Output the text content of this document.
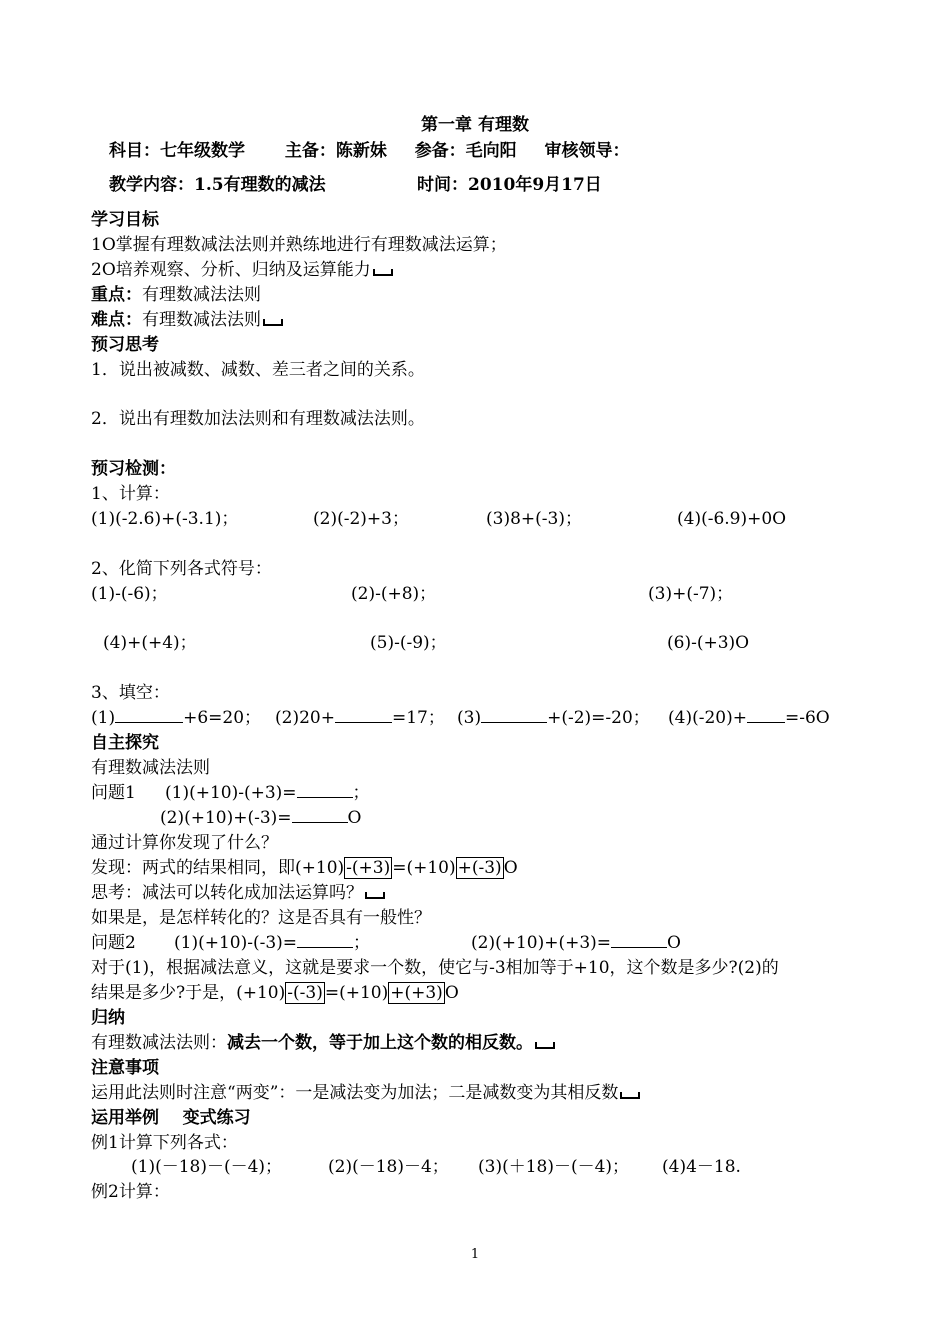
第一章 有理数
科目：七年级数学 主备：陈新妹 参备：毛向阳 审核领导：
教学内容：1.5有理数的减法	时间：2010年9月17日
学习目标
1O掌握有理数减法法则并熟练地进行有理数减法运算；
2O培养观察、分析、归纳及运算能力
重点：有理数减法法则
难点：有理数减法法则
预习思考
1．说出被减数、减数、差三者之间的关系。
2．说出有理数加法法则和有理数减法法则。
预习检测：
1、计算：
(1)(-2.6)+(-3.1)；	(2)(-2)+3；	(3)8+(-3)；	(4)(-6.9)+0O
2、化简下列各式符号：
(1)-(-6)；	(2)-(+8)；	(3)+(-7)；
(4)+(+4)；	(5)-(-9)；	(6)-(+3)O
3、填空：
(1)	+6=20； (2)20+	=17； (3)	+(-2)=-20； (4)(-20)+ =-6O
自主探究
有理数减法法则
问题1 (1)(+10)-(+3)=	；
(2)(+10)+(-3)=	O
通过计算你发现了什么？
发现：两式的结果相同，即(+10) -(+3) =(+10) +(-3) O
思考：减法可以转化成加法运算吗？
如果是，是怎样转化的？这是否具有一般性？
问题2 (1)(+10)-(-3)=	；	(2)(+10)+(+3)=	O
对于(1)，根据减法意义，这就是要求一个数，使它与-3相加等于+10，这个数是多少?(2)的
结果是多少?于是，(+10) -(-3) =(+10) +(+3) O
归纳
有理数减法法则：减去一个数，等于加上这个数的相反数。
注意事项
运用此法则时注意“两变”：一是减法变为加法；二是减数变为其相反数
运用举例    变式练习
例1计算下列各式：
(1)(－18)－(－4)；	(2)(－18)－4； (3)(＋18)－(－4)； (4)4－18.
例2计算：
1
